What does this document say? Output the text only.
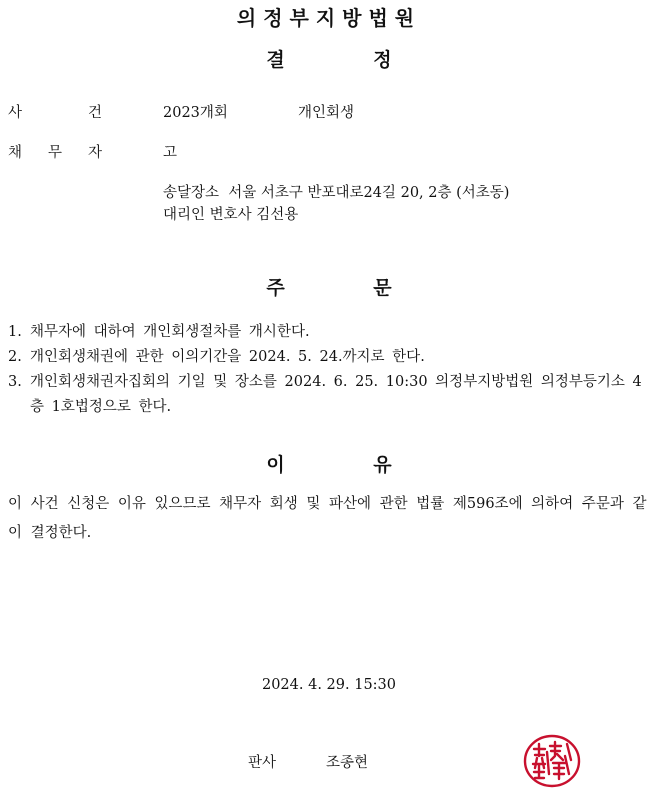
의정부지방법원
결 정
사건
2023개회	개인회생
채무자 고
송달장소  서울 서초구 반포대로24길 20, 2층 (서초동)
대리인 변호사 김선용
주 문
1. 채무자에 대하여 개인회생절차를 개시한다.
2. 개인회생채권에 관한 이의기간을 2024. 5. 24.까지로 한다.
3. 개인회생채권자집회의 기일 및 장소를 2024. 6. 25. 10:30 의정부지방법원 의정부등기소 4층 1호법정으로 한다.
이 유
이 사건 신청은 이유 있으므로 채무자 회생 및 파산에 관한 법률 제596조에 의하여 주문과 같이 결정한다.
2024. 4. 29. 15:30
판사	조종현
